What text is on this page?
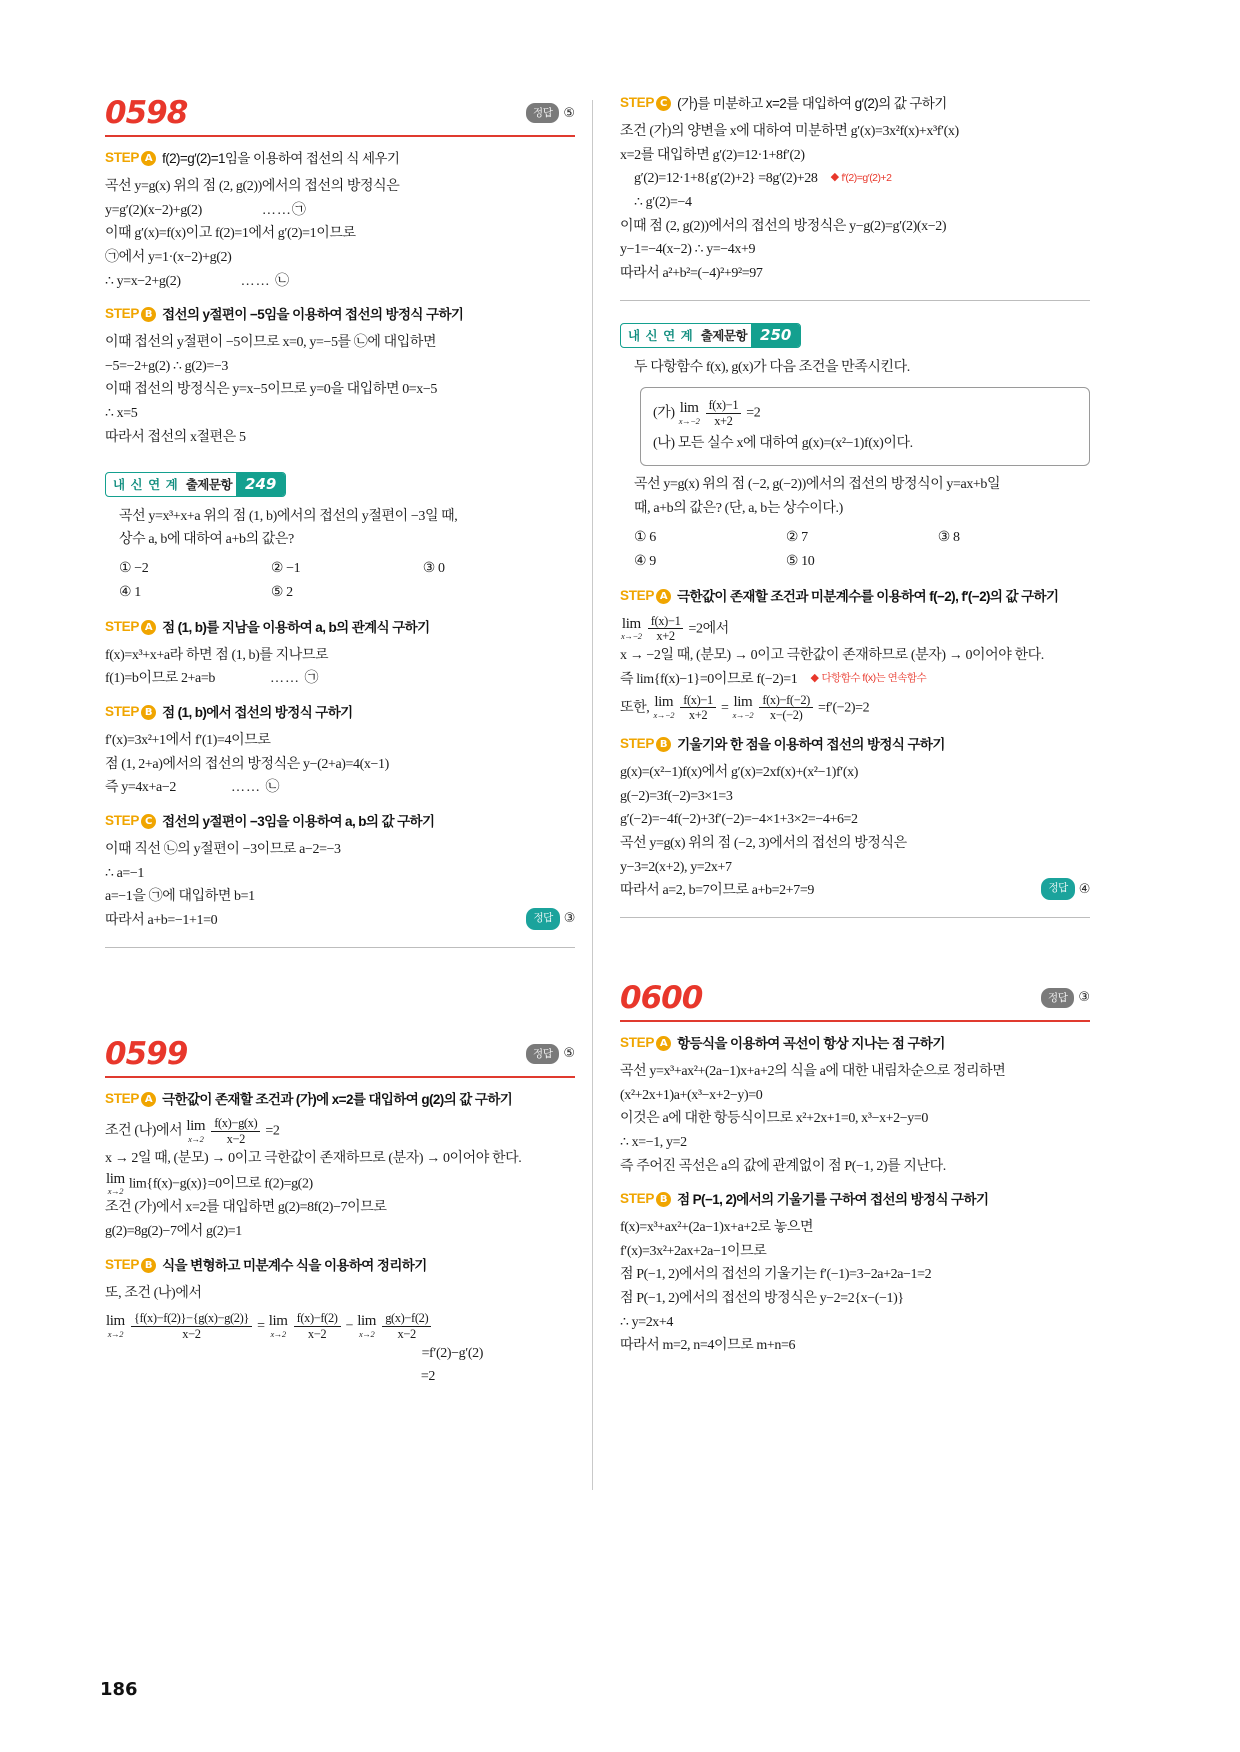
0598	정답 ⑤
STEP A f(2)=g′(2)=1임을 이용하여 접선의 식 세우기
곡선 y=g(x) 위의 점 (2, g(2))에서의 접선의 방정식은
y=g′(2)(x−2)+g(2)	……㉠
이때 g′(x)=f(x)이고 f(2)=1에서 g′(2)=1이므로
㉠에서 y=1·(x−2)+g(2)
∴ y=x−2+g(2)	…… ㉡
STEP B 접선의 y절편이 −5임을 이용하여 접선의 방정식 구하기
이때 접선의 y절편이 −5이므로 x=0, y=−5를 ㉡에 대입하면
−5=−2+g(2) ∴ g(2)=−3
이때 접선의 방정식은 y=x−5이므로 y=0을 대입하면 0=x−5
∴ x=5
따라서 접선의 x절편은 5
내 신 연 계 출제문항 249
곡선 y=x³+x+a 위의 점 (1, b)에서의 접선의 y절편이 −3일 때,
상수 a, b에 대하여 a+b의 값은?
① −2	② −1	③ 0
④ 1	⑤ 2
STEP A 점 (1, b)를 지남을 이용하여 a, b의 관계식 구하기
f(x)=x³+x+a라 하면 점 (1, b)를 지나므로
f(1)=b이므로 2+a=b	…… ㉠
STEP B 점 (1, b)에서 접선의 방정식 구하기
f′(x)=3x²+1에서 f′(1)=4이므로
점 (1, 2+a)에서의 접선의 방정식은 y−(2+a)=4(x−1)
즉 y=4x+a−2	…… ㉡
STEP C 접선의 y절편이 −3임을 이용하여 a, b의 값 구하기
이때 직선 ㉡의 y절편이 −3이므로 a−2=−3
∴ a=−1
a=−1을 ㉠에 대입하면 b=1
따라서 a+b=−1+1=0	정답 ③
0599	정답 ⑤
STEP A 극한값이 존재할 조건과 (가)에 x=2를 대입하여 g(2)의 값 구하기
조건 (나)에서 lim
x→2
$\frac{f(x)-g(x)}{x-2} =2$
x → 2일 때, (분모) → 0이고 극한값이 존재하므로 (분자) → 0이어야 한다.
lim
x→2
lim{f(x)−g(x)}=0이므로 f(2)=g(2)
조건 (가)에서 x=2를 대입하면 g(2)=8f(2)−7이므로
g(2)=8g(2)−7에서 g(2)=1
STEP B 식을 변형하고 미분계수 식을 이용하여 정리하기
또, 조건 (나)에서
lim
x→2
$\frac{\{f(x)-f(2)\}-\{g(x)-g(2)\}}{x-2} = \lim$
x→2
$\frac{f(x)-f(2)}{x-2} - \lim$
x→2
$\frac{g(x)-f(2)}{x-2}$
=f′(2)−g′(2)
=2
STEP C (가)를 미분하고 x=2를 대입하여 g′(2)의 값 구하기
조건 (가)의 양변을 x에 대하여 미분하면 g′(x)=3x²f(x)+x³f′(x)
x=2를 대입하면 g′(2)=12·1+8f′(2)
g′(2)=12·1+8{g′(2)+2} =8g′(2)+28 ◆ f′(2)=g′(2)+2
∴ g′(2)=−4
이때 점 (2, g(2))에서의 접선의 방정식은 y−g(2)=g′(2)(x−2)
y−1=−4(x−2) ∴ y=−4x+9
따라서 a²+b²=(−4)²+9²=97
내 신 연 계 출제문항 250
두 다항함수 f(x), g(x)가 다음 조건을 만족시킨다.
(가) lim
x→−2
$\frac{f(x)-1}{x+2} =2$
(나) 모든 실수 x에 대하여 g(x)=(x²−1)f(x)이다.
곡선 y=g(x) 위의 점 (−2, g(−2))에서의 접선의 방정식이 y=ax+b일
때, a+b의 값은? (단, a, b는 상수이다.)
① 6	② 7	③ 8
④ 9	⑤ 10
STEP A 극한값이 존재할 조건과 미분계수를 이용하여 f(−2), f′(−2)의 값 구하기
lim
x→−2
$\frac{f(x)-1}{x+2} =2$에서
x → −2일 때, (분모) → 0이고 극한값이 존재하므로 (분자) → 0이어야 한다.
즉 lim{f(x)−1}=0이므로 f(−2)=1 ◆ 다항함수 f(x)는 연속함수
또한, lim
x→−2
$\frac{f(x)-1}{x+2} = \lim$
x→−2
$\frac{f(x)-f(-2)}{x-(-2)} =f'(-2)=2$
STEP B 기울기와 한 점을 이용하여 접선의 방정식 구하기
g(x)=(x²−1)f(x)에서 g′(x)=2xf(x)+(x²−1)f′(x)
g(−2)=3f(−2)=3×1=3
g′(−2)=−4f(−2)+3f′(−2)=−4×1+3×2=−4+6=2
곡선 y=g(x) 위의 점 (−2, 3)에서의 접선의 방정식은
y−3=2(x+2), y=2x+7
따라서 a=2, b=7이므로 a+b=2+7=9	정답 ④
0600	정답 ③
STEP A 항등식을 이용하여 곡선이 항상 지나는 점 구하기
곡선 y=x³+ax²+(2a−1)x+a+2의 식을 a에 대한 내림차순으로 정리하면
(x²+2x+1)a+(x³−x+2−y)=0
이것은 a에 대한 항등식이므로 x²+2x+1=0, x³−x+2−y=0
∴ x=−1, y=2
즉 주어진 곡선은 a의 값에 관계없이 점 P(−1, 2)를 지난다.
STEP B 점 P(−1, 2)에서의 기울기를 구하여 접선의 방정식 구하기
f(x)=x³+ax²+(2a−1)x+a+2로 놓으면
f′(x)=3x²+2ax+2a−1이므로
점 P(−1, 2)에서의 접선의 기울기는 f′(−1)=3−2a+2a−1=2
점 P(−1, 2)에서의 접선의 방정식은 y−2=2{x−(−1)}
∴ y=2x+4
따라서 m=2, n=4이므로 m+n=6
186
